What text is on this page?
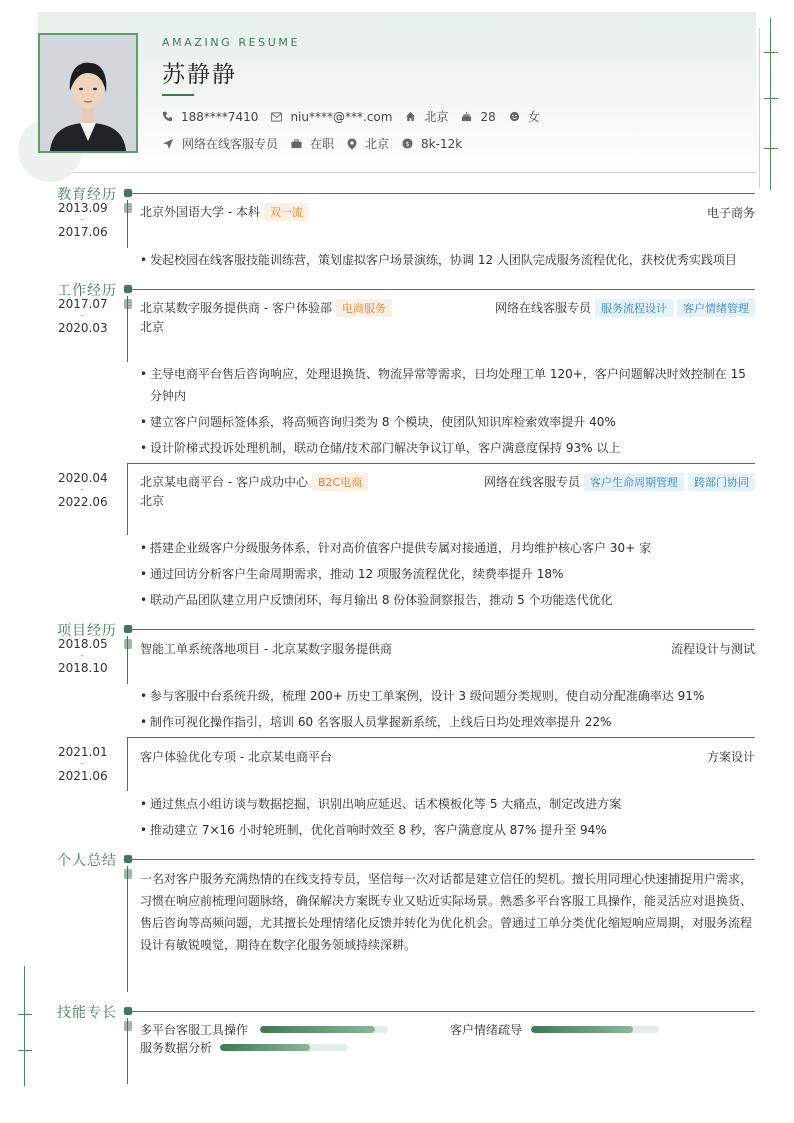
AMAZING RESUME
苏静静
188****7410	niu****@***.com	北京	28	女
网络在线客服专员	在职	北京 $ 8k-12k
教育经历
2013.09
-
2017.06
北京外国语大学 - 本科 双一流	电子商务
• 发起校园在线客服技能训练营，策划虚拟客户场景演练，协调 12 人团队完成服务流程优化，获校优秀实践项目
工作经历
2017.07
-
2020.03
北京某数字服务提供商 - 客户体验部 电商服务	网络在线客服专员 服务流程设计 客户情绪管理
北京
• 主导电商平台售后咨询响应，处理退换货、物流异常等需求，日均处理工单 120+，客户问题解决时效控制在 15 分钟内
• 建立客户问题标签体系，将高频咨询归类为 8 个模块，使团队知识库检索效率提升 40%
• 设计阶梯式投诉处理机制，联动仓储/技术部门解决争议订单，客户满意度保持 93% 以上
2020.04
-
2022.06
北京某电商平台 - 客户成功中心 B2C电商	网络在线客服专员 客户生命周期管理 跨部门协同
北京
• 搭建企业级客户分级服务体系，针对高价值客户提供专属对接通道，月均维护核心客户 30+ 家
• 通过回访分析客户生命周期需求，推动 12 项服务流程优化，续费率提升 18%
• 联动产品团队建立用户反馈闭环，每月输出 8 份体验洞察报告，推动 5 个功能迭代优化
项目经历
2018.05
-
2018.10
智能工单系统落地项目 - 北京某数字服务提供商	流程设计与测试
• 参与客服中台系统升级，梳理 200+ 历史工单案例，设计 3 级问题分类规则，使自动分配准确率达 91%
• 制作可视化操作指引，培训 60 名客服人员掌握新系统，上线后日均处理效率提升 22%
2021.01
-
2021.06
客户体验优化专项 - 北京某电商平台	方案设计
• 通过焦点小组访谈与数据挖掘，识别出响应延迟、话术模板化等 5 大痛点，制定改进方案
• 推动建立 7×16 小时轮班制，优化首响时效至 8 秒，客户满意度从 87% 提升至 94%
个人总结
一名对客户服务充满热情的在线支持专员，坚信每一次对话都是建立信任的契机。擅长用同理心快速捕捉用户需求，习惯在响应前梳理问题脉络，确保解决方案既专业又贴近实际场景。熟悉多平台客服工具操作，能灵活应对退换货、售后咨询等高频问题，尤其擅长处理情绪化反馈并转化为优化机会。曾通过工单分类优化缩短响应周期，对服务流程设计有敏锐嗅觉，期待在数字化服务领域持续深耕。
技能专长
多平台客服工具操作	客户情绪疏导
服务数据分析
